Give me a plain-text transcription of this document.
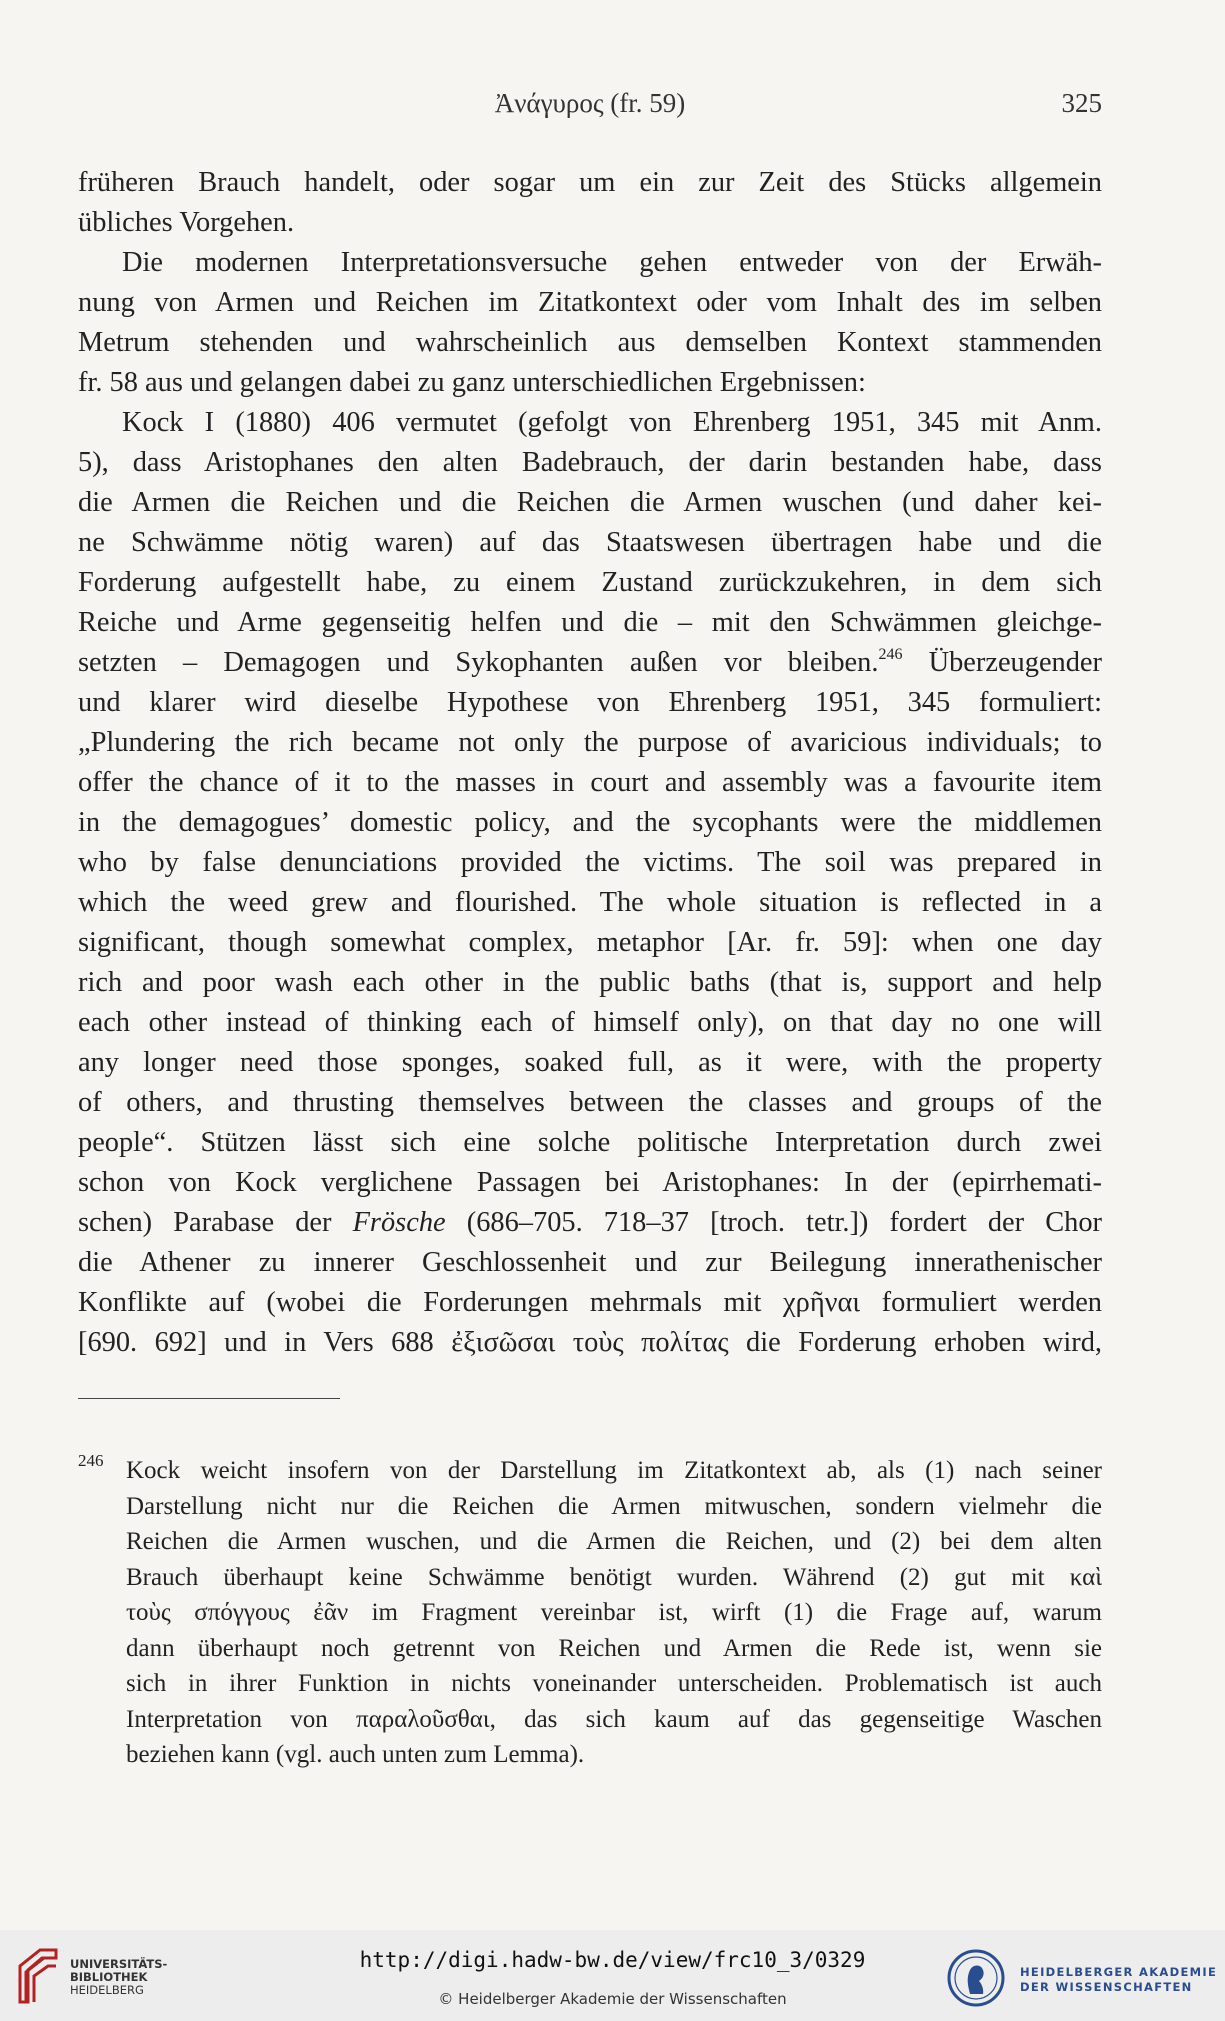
Ἀνάγυρος (fr. 59)	325

früheren Brauch handelt, oder sogar um ein zur Zeit des Stücks allgemein
übliches Vorgehen.

Die modernen Interpretationsversuche gehen entweder von der Erwäh-
nung von Armen und Reichen im Zitatkontext oder vom Inhalt des im selben
Metrum stehenden und wahrscheinlich aus demselben Kontext stammenden
fr. 58 aus und gelangen dabei zu ganz unterschiedlichen Ergebnissen:

Kock I (1880) 406 vermutet (gefolgt von Ehrenberg 1951, 345 mit Anm.
5), dass Aristophanes den alten Badebrauch, der darin bestanden habe, dass
die Armen die Reichen und die Reichen die Armen wuschen (und daher kei-
ne Schwämme nötig waren) auf das Staatswesen übertragen habe und die
Forderung aufgestellt habe, zu einem Zustand zurückzukehren, in dem sich
Reiche und Arme gegenseitig helfen und die – mit den Schwämmen gleichge-
setzten – Demagogen und Sykophanten außen vor bleiben.$^{246}$ Überzeugender
und klarer wird dieselbe Hypothese von Ehrenberg 1951, 345 formuliert:
„Plundering the rich became not only the purpose of avaricious individuals; to
offer the chance of it to the masses in court and assembly was a favourite item
in the demagogues’ domestic policy, and the sycophants were the middlemen
who by false denunciations provided the victims. The soil was prepared in
which the weed grew and flourished. The whole situation is reflected in a
significant, though somewhat complex, metaphor [Ar. fr. 59]: when one day
rich and poor wash each other in the public baths (that is, support and help
each other instead of thinking each of himself only), on that day no one will
any longer need those sponges, soaked full, as it were, with the property
of others, and thrusting themselves between the classes and groups of the
people“. Stützen lässt sich eine solche politische Interpretation durch zwei
schon von Kock verglichene Passagen bei Aristophanes: In der (epirrhemati-
schen) Parabase der Frösche (686–705. 718–37 [troch. tetr.]) fordert der Chor
die Athener zu innerer Geschlossenheit und zur Beilegung innerathenischer
Konflikte auf (wobei die Forderungen mehrmals mit χρῆναι formuliert werden
[690. 692] und in Vers 688 ἐξισῶσαι τοὺς πολίτας die Forderung erhoben wird,

246 Kock weicht insofern von der Darstellung im Zitatkontext ab, als (1) nach seiner
Darstellung nicht nur die Reichen die Armen mitwuschen, sondern vielmehr die
Reichen die Armen wuschen, und die Armen die Reichen, und (2) bei dem alten
Brauch überhaupt keine Schwämme benötigt wurden. Während (2) gut mit καὶ
τοὺς σπόγγους ἐᾶν im Fragment vereinbar ist, wirft (1) die Frage auf, warum
dann überhaupt noch getrennt von Reichen und Armen die Rede ist, wenn sie
sich in ihrer Funktion in nichts voneinander unterscheiden. Problematisch ist auch
Interpretation von παραλοῦσθαι, das sich kaum auf das gegenseitige Waschen
beziehen kann (vgl. auch unten zum Lemma).
UNIVERSITÄTS-
BIBLIOTHEK
HEIDELBERG
http://digi.hadw-bw.de/view/frc10_3/0329
© Heidelberger Akademie der Wissenschaften
HEIDELBERGER AKADEMIE
DER WISSENSCHAFTEN
